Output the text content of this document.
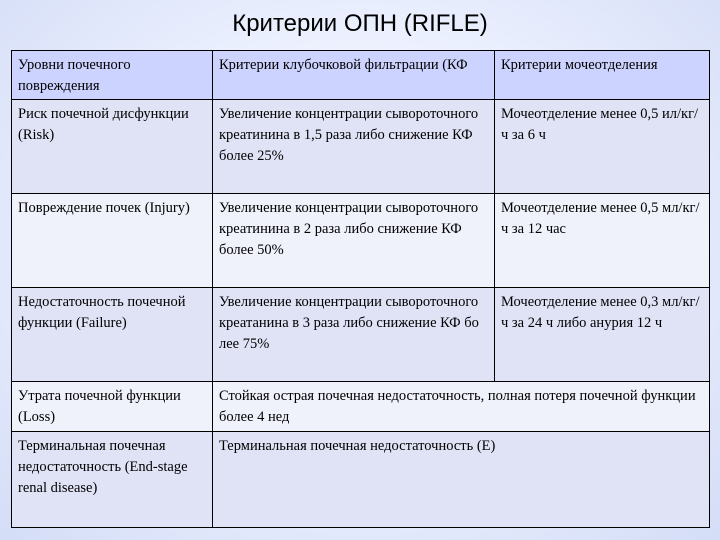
Критерии ОПН (RIFLE)
Уровни почечного повреждения	Критерии клубочковой фильтрации (КФ	Критерии мочеотделения
Риск почечной дисфункции (Risk)	Увеличение концентрации сывороточного креатинина в 1,5 раза либо снижение КФ более 25%	Мочеотделение менее 0,5 ил/кг/ч за 6 ч
Повреждение почек (Injury)	Увеличение концентрации сывороточного креатинина в 2 раза либо снижение КФ более 50%	Мочеотделение менее 0,5 мл/кг/ч за 12 час
Недостаточность почечной функции (Failure)	Увеличение концентрации сывороточного креатанина в 3 раза либо снижение КФ бо лее 75%	Мочеотделение менее 0,3 мл/кг/ч за 24 ч либо анурия 12 ч
Утрата почечной функции (Loss)	Стойкая острая почечная недостаточность, полная потеря почечной функции более 4 нед	
Терминальная почечная недостаточность (End-stage renal disease)	Терминальная почечная недостаточность (Е)	
